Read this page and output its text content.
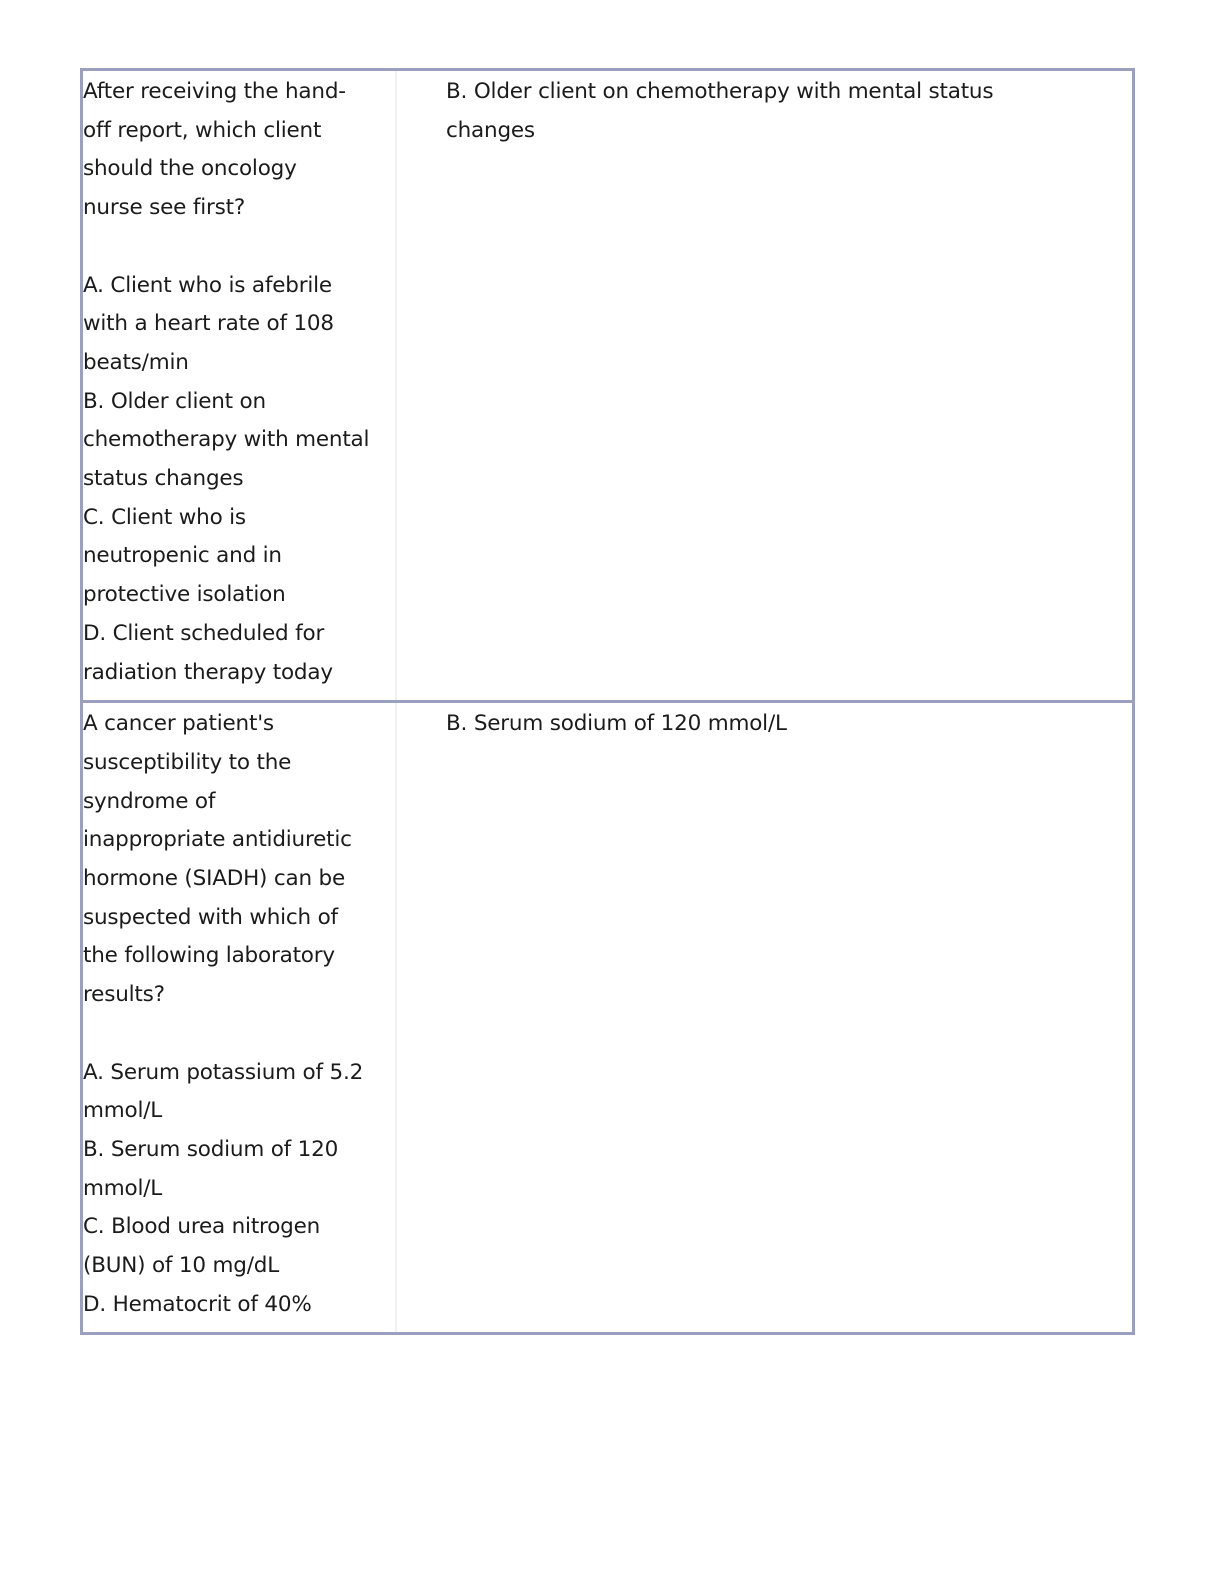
After receiving the hand-
off report, which client
should the oncology
nurse see first?
A. Client who is afebrile
with a heart rate of 108
beats/min
B. Older client on
chemotherapy with mental
status changes
C. Client who is
neutropenic and in
protective isolation
D. Client scheduled for
radiation therapy today
B. Older client on chemotherapy with mental status
changes
A cancer patient's
susceptibility to the
syndrome of
inappropriate antidiuretic
hormone (SIADH) can be
suspected with which of
the following laboratory
results?
A. Serum potassium of 5.2
mmol/L
B. Serum sodium of 120
mmol/L
C. Blood urea nitrogen
(BUN) of 10 mg/dL
D. Hematocrit of 40%
B. Serum sodium of 120 mmol/L
